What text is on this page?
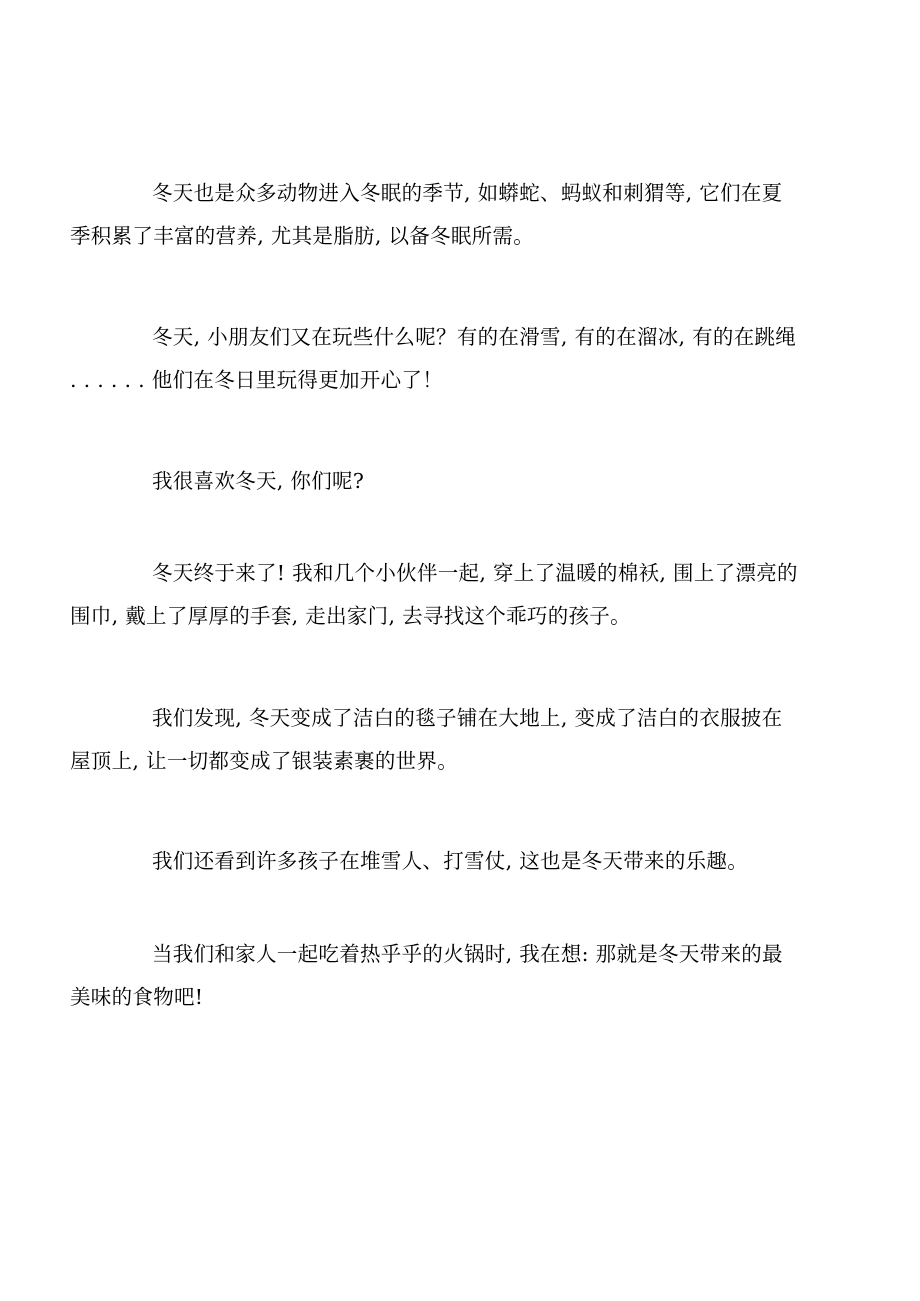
冬天也是众多动物进入冬眠的季节, 如蟒蛇、蚂蚁和刺猬等, 它们在夏
季积累了丰富的营养, 尤其是脂肪, 以备冬眠所需。

冬天, 小朋友们又在玩些什么呢？有的在滑雪, 有的在溜冰, 有的在跳绳
. . . . . . 他们在冬日里玩得更加开心了！

我很喜欢冬天, 你们呢?

冬天终于来了! 我和几个小伙伴一起, 穿上了温暖的棉袄, 围上了漂亮的
围巾, 戴上了厚厚的手套, 走出家门, 去寻找这个乖巧的孩子。

我们发现, 冬天变成了洁白的毯子铺在大地上, 变成了洁白的衣服披在
屋顶上, 让一切都变成了银装素裹的世界。

我们还看到许多孩子在堆雪人、打雪仗, 这也是冬天带来的乐趣。

当我们和家人一起吃着热乎乎的火锅时, 我在想: 那就是冬天带来的最
美味的食物吧!
